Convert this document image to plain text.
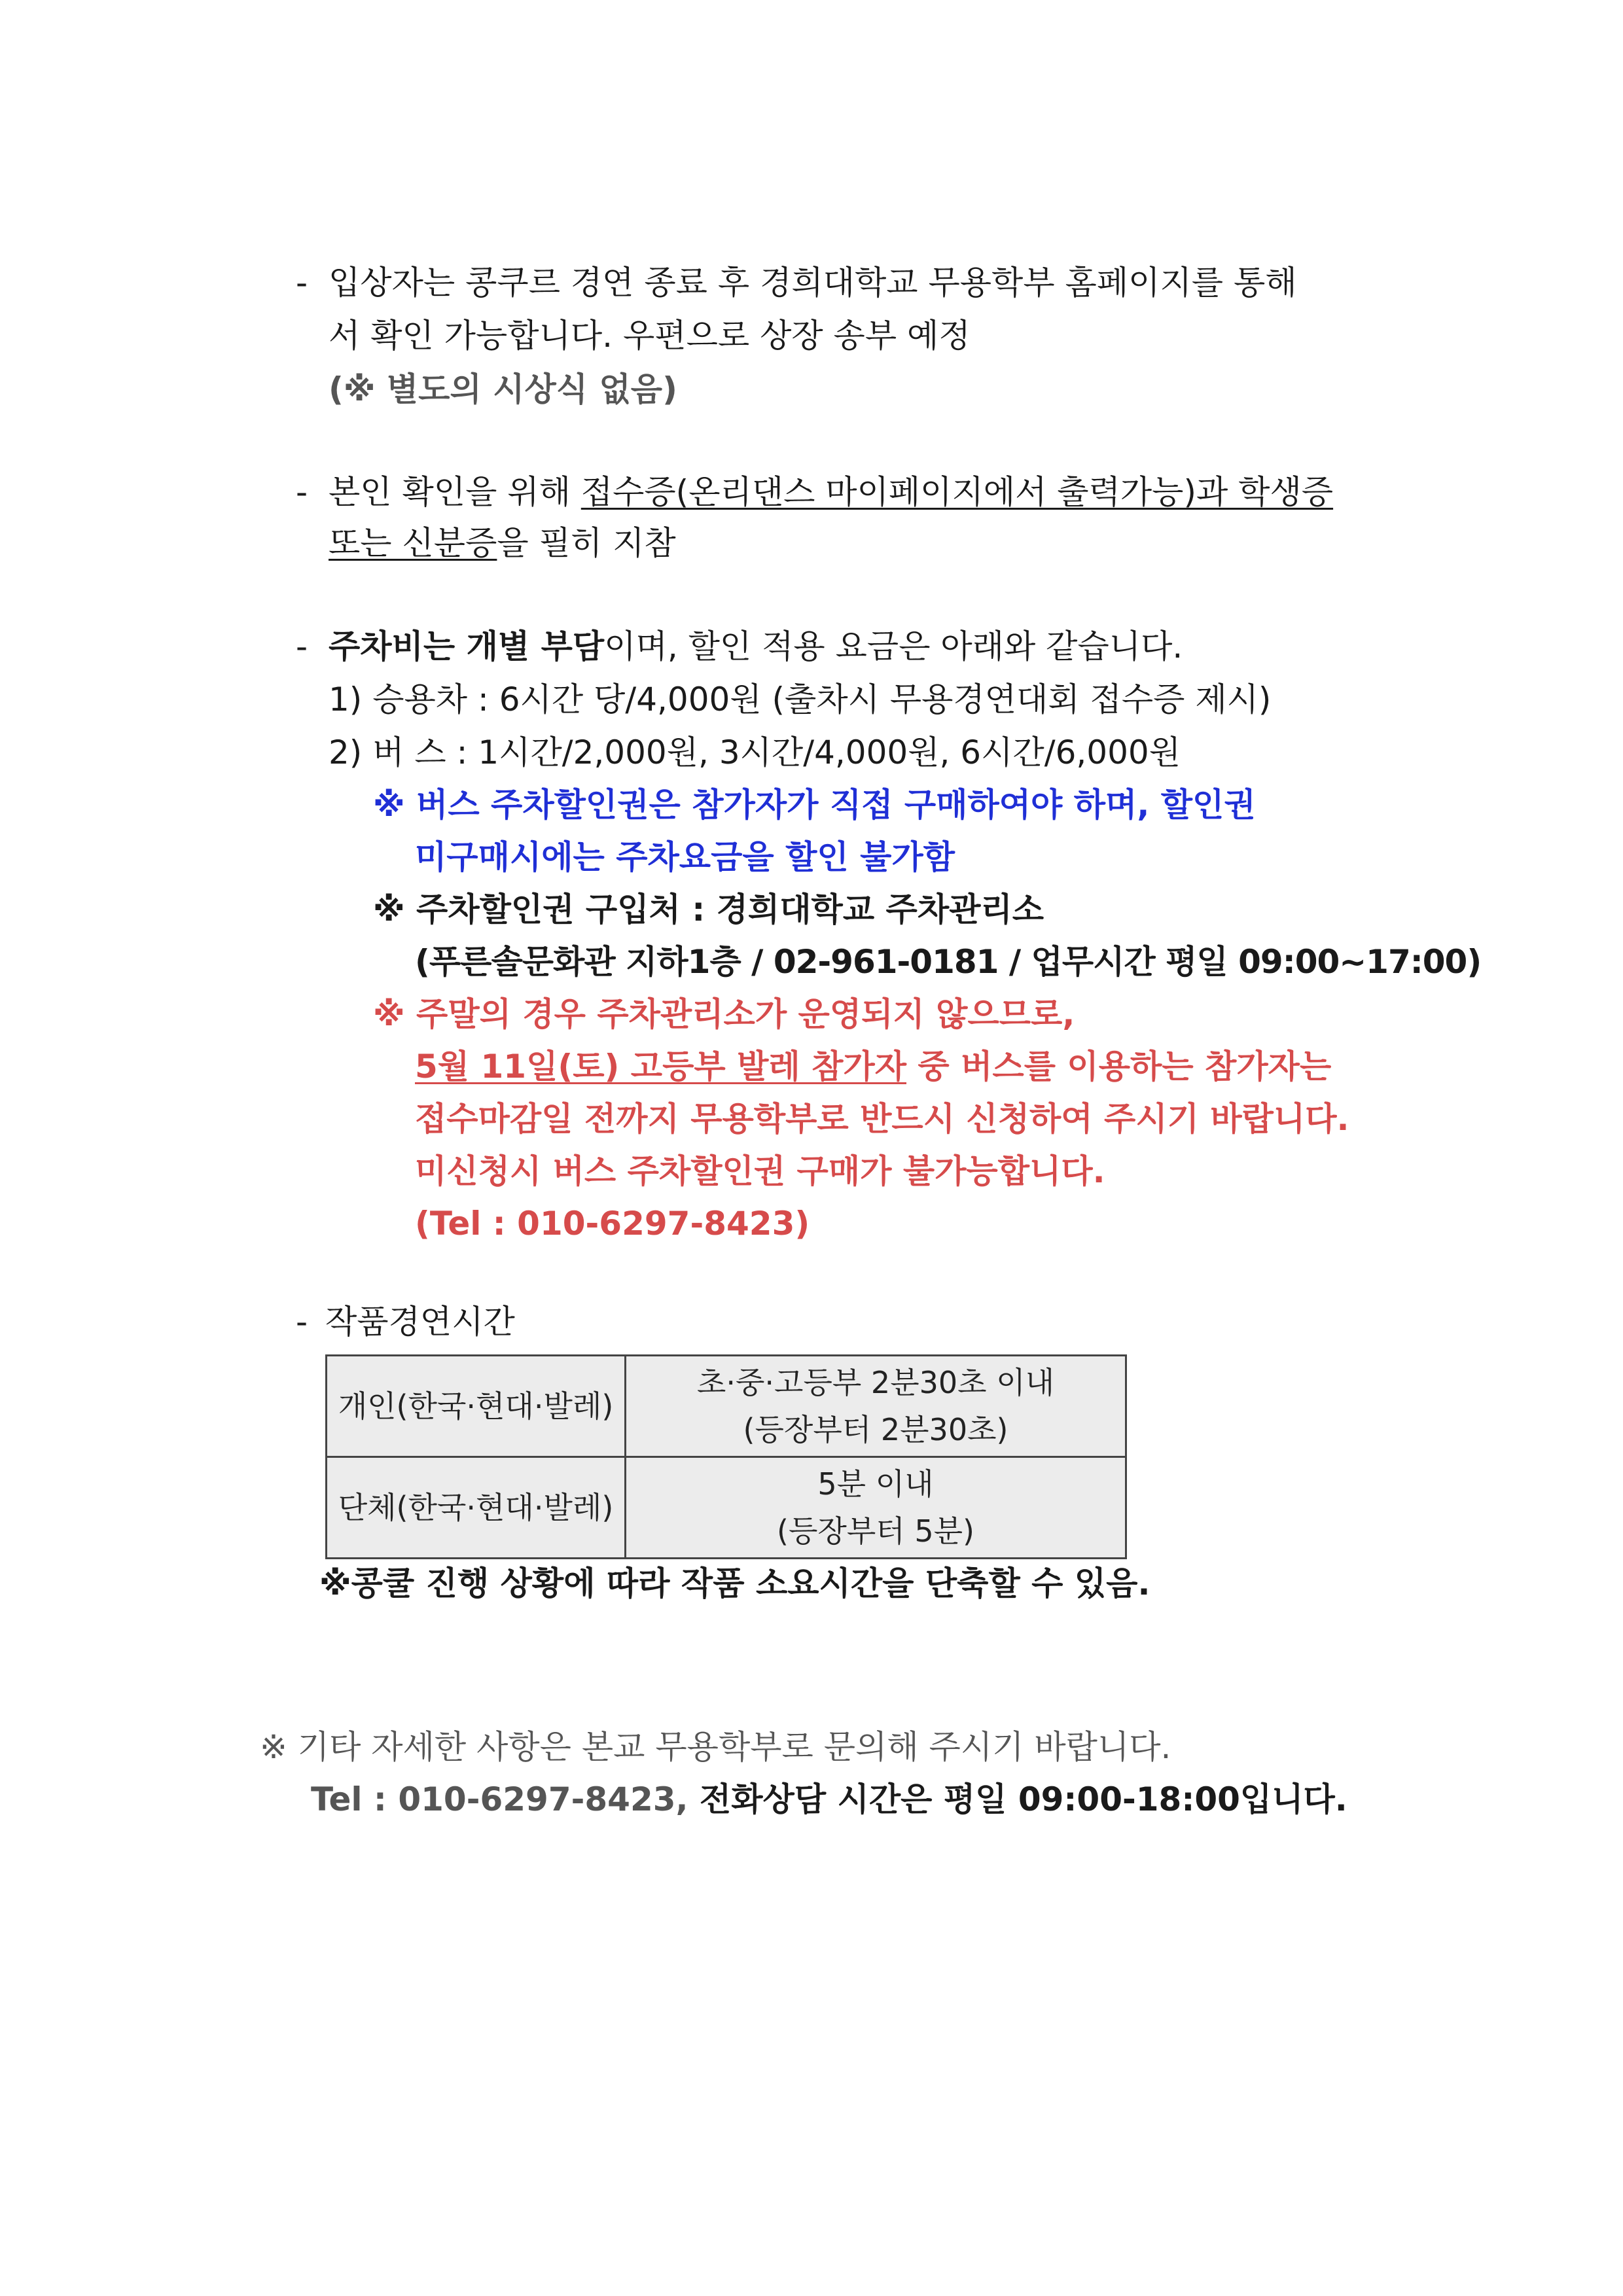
- 입상자는 콩쿠르 경연 종료 후 경희대학교 무용학부 홈페이지를 통해
서 확인 가능합니다. 우편으로 상장 송부 예정
(※ 별도의 시상식 없음)
- 본인 확인을 위해 접수증(온리댄스 마이페이지에서 출력가능)과 학생증
또는 신분증을 필히 지참
- 주차비는 개별 부담이며, 할인 적용 요금은 아래와 같습니다.
1) 승용차 : 6시간 당/4,000원 (출차시 무용경연대회 접수증 제시)
2) 버 스 : 1시간/2,000원, 3시간/4,000원, 6시간/6,000원
※ 버스 주차할인권은 참가자가 직접 구매하여야 하며, 할인권
미구매시에는 주차요금을 할인 불가함
※ 주차할인권 구입처 : 경희대학교 주차관리소
(푸른솔문화관 지하1층 / 02-961-0181 / 업무시간 평일 09:00~17:00)
※ 주말의 경우 주차관리소가 운영되지 않으므로,
5월 11일(토) 고등부 발레 참가자 중 버스를 이용하는 참가자는
접수마감일 전까지 무용학부로 반드시 신청하여 주시기 바랍니다.
미신청시 버스 주차할인권 구매가 불가능합니다.
(Tel : 010-6297-8423)
- 작품경연시간
개인(한국·현대·발레)	초·중·고등부 2분30초 이내
(등장부터 2분30초)

단체(한국·현대·발레)	5분 이내
(등장부터 5분)
※콩쿨 진행 상황에 따라 작품 소요시간을 단축할 수 있음.
※ 기타 자세한 사항은 본교 무용학부로 문의해 주시기 바랍니다.
Tel : 010-6297-8423, 전화상담 시간은 평일 09:00-18:00입니다.
